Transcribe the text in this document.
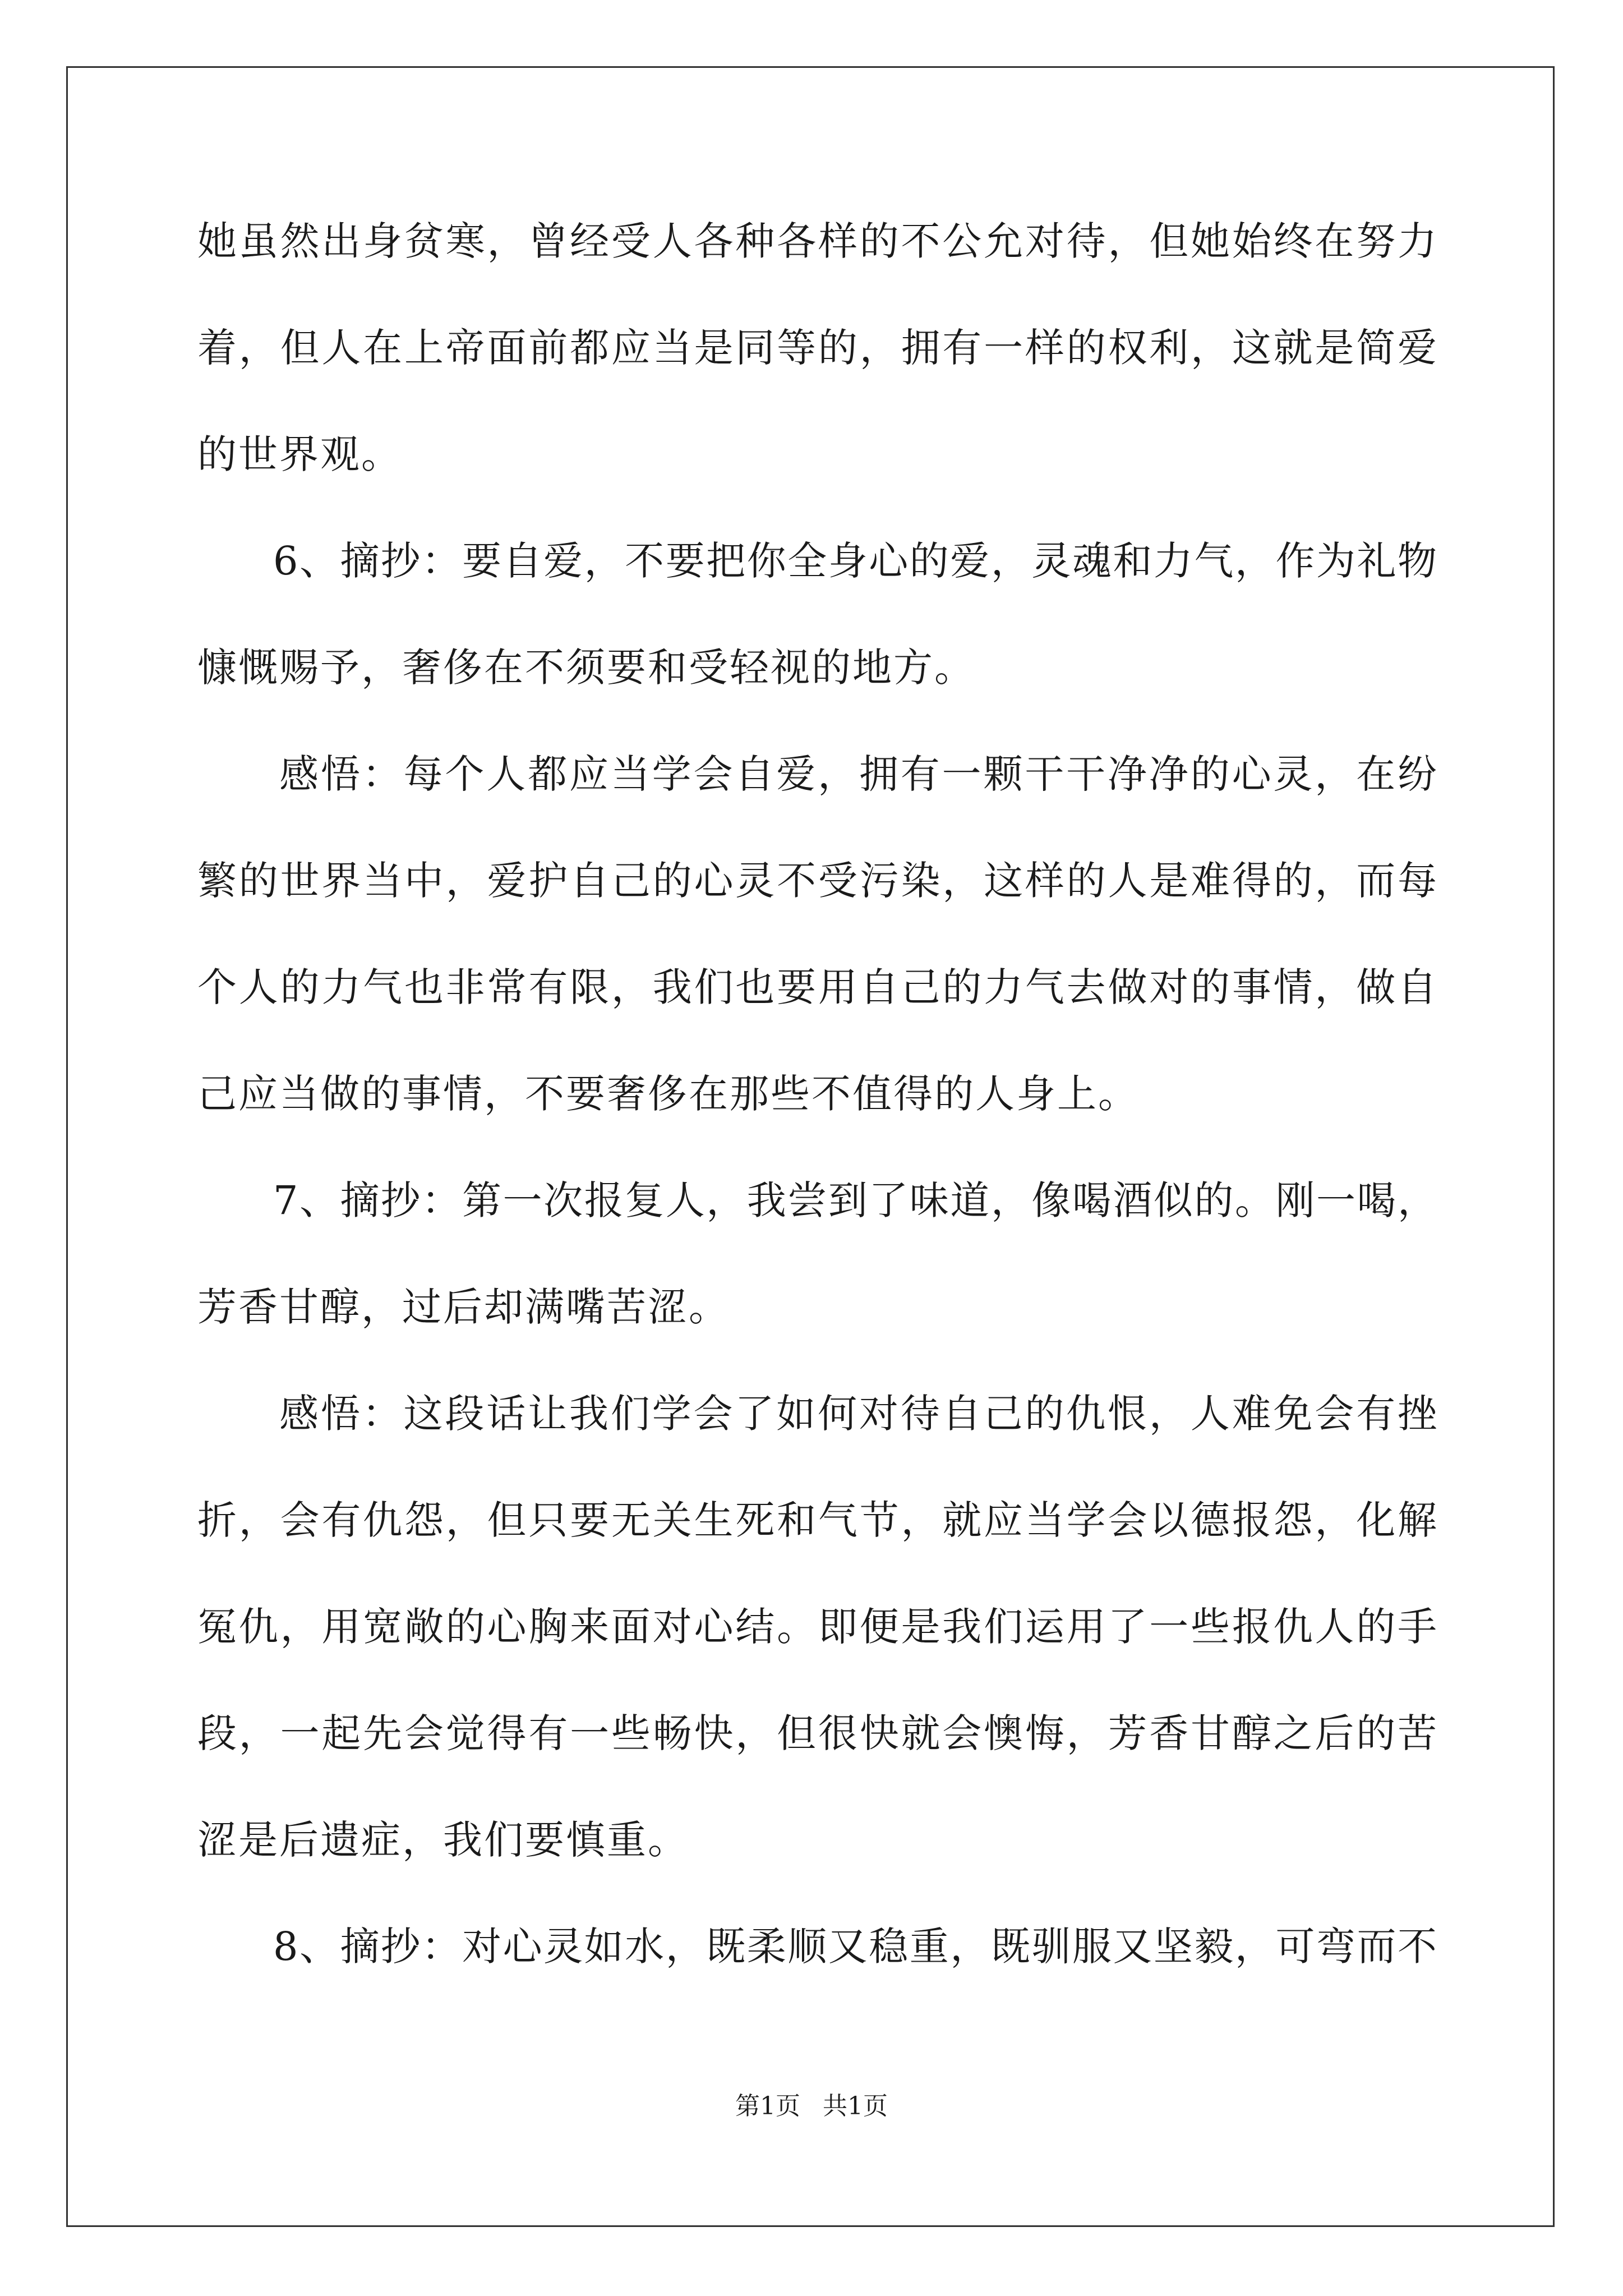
她虽然出身贫寒，曾经受人各种各样的不公允对待，但她始终在努力
着，但人在上帝面前都应当是同等的，拥有一样的权利，这就是简爱
的世界观。
6、摘抄：要自爱，不要把你全身心的爱，灵魂和力气，作为礼物
慷慨赐予，奢侈在不须要和受轻视的地方。
感悟：每个人都应当学会自爱，拥有一颗干干净净的心灵，在纷
繁的世界当中，爱护自己的心灵不受污染，这样的人是难得的，而每
个人的力气也非常有限，我们也要用自己的力气去做对的事情，做自
己应当做的事情，不要奢侈在那些不值得的人身上。
7、摘抄：第一次报复人，我尝到了味道，像喝酒似的。刚一喝，
芳香甘醇，过后却满嘴苦涩。
感悟：这段话让我们学会了如何对待自己的仇恨，人难免会有挫
折，会有仇怨，但只要无关生死和气节，就应当学会以德报怨，化解
冤仇，用宽敞的心胸来面对心结。即便是我们运用了一些报仇人的手
段，一起先会觉得有一些畅快，但很快就会懊悔，芳香甘醇之后的苦
涩是后遗症，我们要慎重。
8、摘抄：对心灵如水，既柔顺又稳重，既驯服又坚毅，可弯而不
第1页 共1页
